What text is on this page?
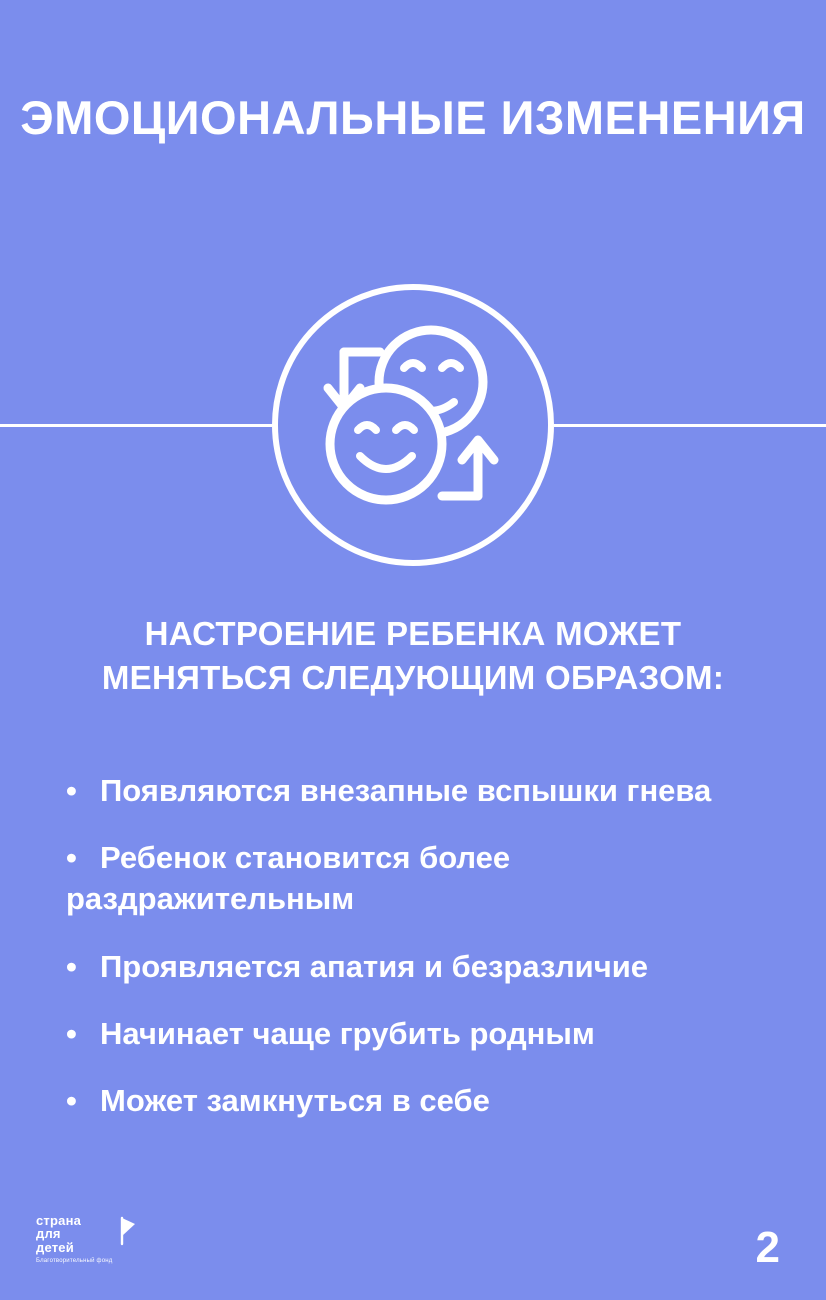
ЭМОЦИОНАЛЬНЫЕ ИЗМЕНЕНИЯ
НАСТРОЕНИЕ РЕБЕНКА МОЖЕТ МЕНЯТЬСЯ СЛЕДУЮЩИМ ОБРАЗОМ:
• Появляются внезапные вспышки гнева
• Ребенок становится более раздражительным
• Проявляется апатия и безразличие
• Начинает чаще грубить родным
• Может замкнуться в себе
страна
для
детей
Благотворительный фонд	2
